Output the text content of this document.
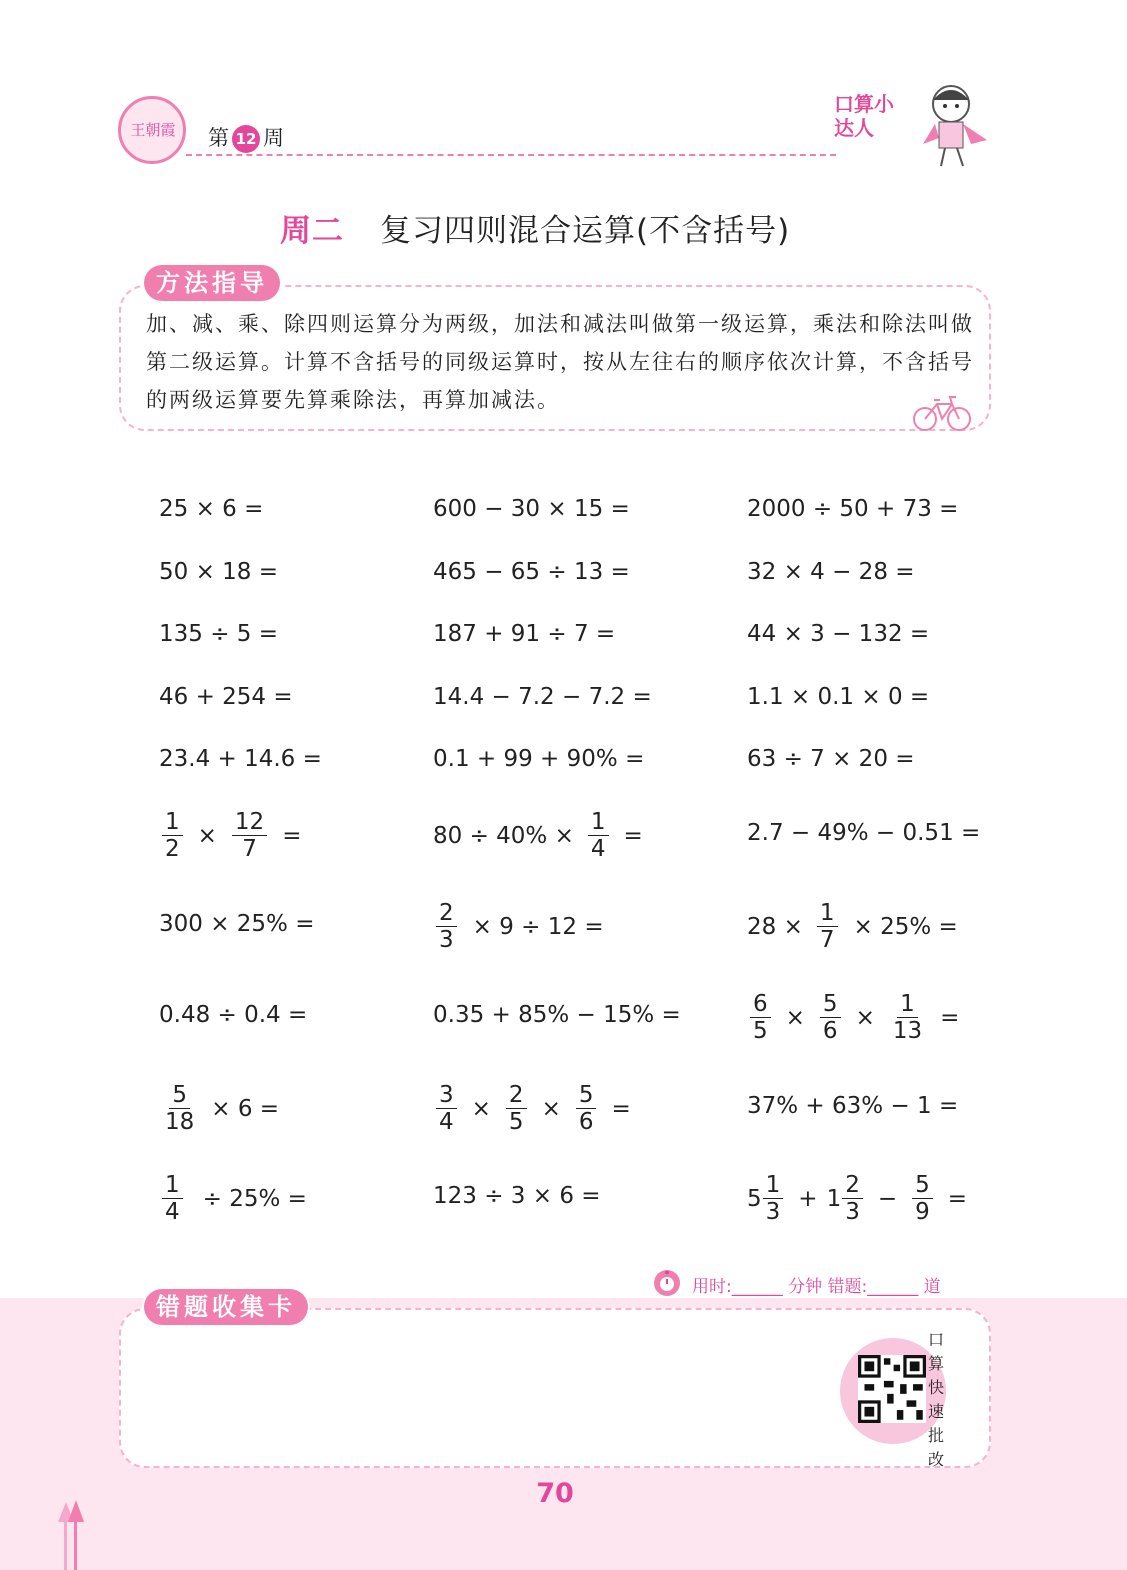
王朝霞 第 12 周
口算小达人
周二 复习四则混合运算(不含括号)
方法指导
加、减、乘、除四则运算分为两级，加法和减法叫做第一级运算，乘法和除法叫做第二级运算。计算不含括号的同级运算时，按从左往右的顺序依次计算，不含括号的两级运算要先算乘除法，再算加减法。
25 × 6 =	600 − 30 × 15 =	2000 ÷ 50 + 73 =
50 × 18 =	465 − 65 ÷ 13 =	32 × 4 − 28 =
135 ÷ 5 =	187 + 91 ÷ 7 =	44 × 3 − 132 =
46 + 254 =	14.4 − 7.2 − 7.2 =	1.1 × 0.1 × 0 =
23.4 + 14.6 =	0.1 + 99 + 90% =	63 ÷ 7 × 20 =
$\frac{1}{2} \times \frac{12}{7}$ =	$80 \div 40\% \times \frac{1}{4}$ =	2.7 − 49% − 0.51 =
300 × 25% =	$\frac{2}{3} \times 9 \div 12$ =	$28 \times \frac{1}{7} \times 25\%$ =
0.48 ÷ 0.4 =	0.35 + 85% − 15% =	$\frac{6}{5} \times \frac{5}{6} \times \frac{1}{13}$ =
$\frac{5}{18} \times 6$ =	$\frac{3}{4} \times \frac{2}{5} \times \frac{5}{6}$ =	37% + 63% − 1 =
$\frac{1}{4} \div 25\%$ =	123 ÷ 3 × 6 =	$5 \frac{1}{3} + 1 \frac{2}{3} - \frac{5}{9}$ =
用时:______ 分钟 错题:______ 道
错题收集卡
口算快速批改
70
